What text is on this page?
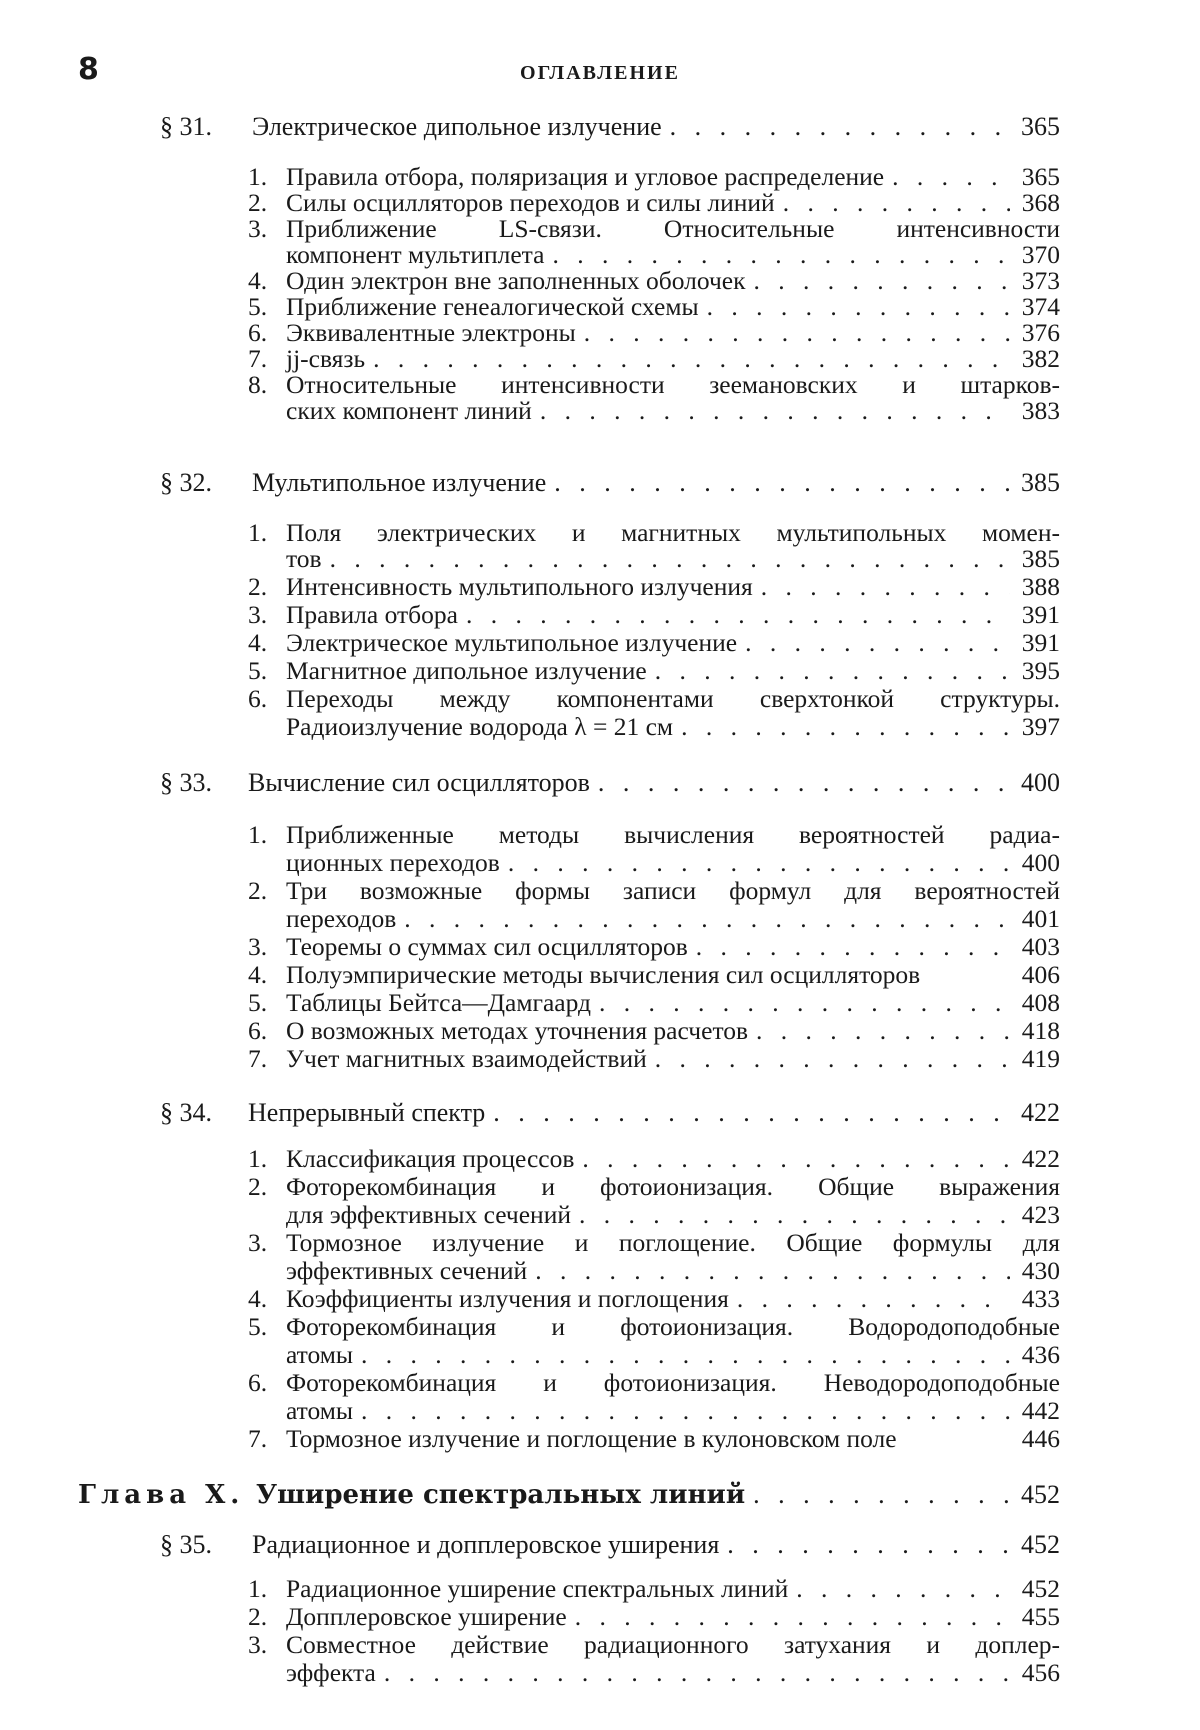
8	ОГЛАВЛЕНИЕ
§ 31. Электрическое дипольное излучение
. . .	365
1. Правила отбора, поляризация и угловое распределение
. . .	365
2. Силы осцилляторов переходов и силы линий
. . .	368
3. Приближение LS-связи. Относительные интенсивности
компонент мультиплета
. . .	370
4. Один электрон вне заполненных оболочек
. . .	373
5. Приближение генеалогической схемы
. . .	374
6. Эквивалентные электроны
. . .	376
7. jj-связь
. . .	382
8. Относительные интенсивности зеемановских и штарков-
ских компонент линий
. . .	383
§ 32. Мультипольное излучение
. . .	385
1. Поля электрических и магнитных мультипольных момен-
тов
. . .	385
2. Интенсивность мультипольного излучения
. . .	388
3. Правила отбора
. . .	391
4. Электрическое мультипольное излучение
. . .	391
5. Магнитное дипольное излучение
. . .	395
6. Переходы между компонентами сверхтонкой структуры.
Радиоизлучение водорода λ = 21 см
. . .	397
§ 33. Вычисление сил осцилляторов
. . .	400
1. Приближенные методы вычисления вероятностей радиа-
ционных переходов
. . .	400
2. Три возможные формы записи формул для вероятностей
переходов
. . .	401
3. Теоремы о суммах сил осцилляторов
. . .	403
4. Полуэмпирические методы вычисления сил осцилляторов	406
5. Таблицы Бейтса—Дамгаард
. . .	408
6. О возможных методах уточнения расчетов
. . .	418
7. Учет магнитных взаимодействий
. . .	419
§ 34. Непрерывный спектр
. . .	422
1. Классификация процессов
. . .	422
2. Фоторекомбинация и фотоионизация. Общие выражения
для эффективных сечений
. . .	423
3. Тормозное излучение и поглощение. Общие формулы для
эффективных сечений
. . .	430
4. Коэффициенты излучения и поглощения
. . .	433
5. Фоторекомбинация и фотоионизация. Водородоподобные
атомы
. . .	436
6. Фоторекомбинация и фотоионизация. Неводородоподобные
атомы
. . .	442
7. Тормозное излучение и поглощение в кулоновском поле	446
Глава X. Уширение спектральных линий
. . .	452
§ 35. Радиационное и допплеровское уширения
. . .	452
1. Радиационное уширение спектральных линий
. . .	452
2. Допплеровское уширение
. . .	455
3. Совместное действие радиационного затухания и доплер-
эффекта
. . .	456
